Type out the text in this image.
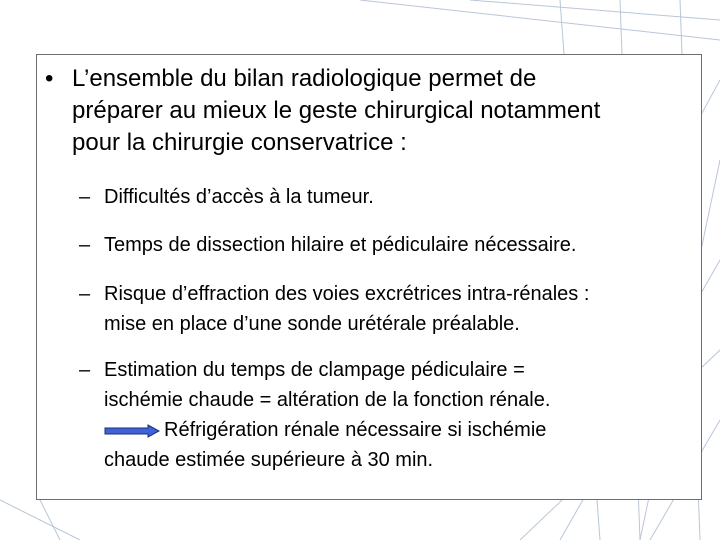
• L’ensemble du bilan radiologique permet de
préparer au mieux le geste chirurgical notamment
pour la chirurgie conservatrice :
– Difficultés d’accès à la tumeur.
– Temps de dissection hilaire et pédiculaire nécessaire.
– Risque d’effraction des voies excrétrices intra-rénales :
mise en place d’une sonde urétérale préalable.
– Estimation du temps de clampage pédiculaire =
ischémie chaude = altération de la fonction rénale.
Réfrigération rénale nécessaire si ischémie
chaude estimée supérieure à 30 min.
